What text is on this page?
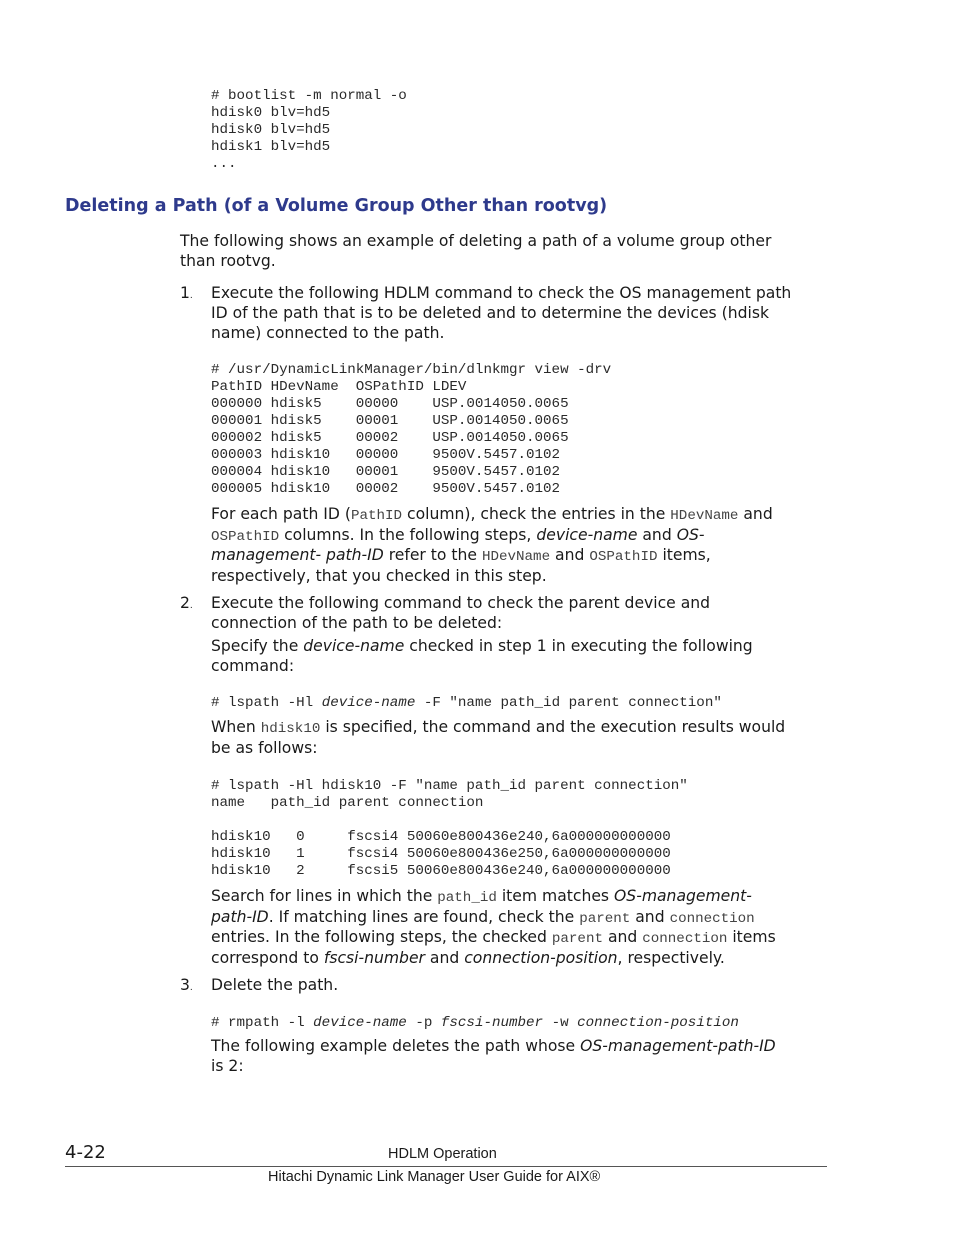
# bootlist -m normal -o
hdisk0 blv=hd5
hdisk0 blv=hd5
hdisk1 blv=hd5
...
Deleting a Path (of a Volume Group Other than rootvg)
The following shows an example of deleting a path of a volume group other
than rootvg.
1. Execute the following HDLM command to check the OS management path
ID of the path that is to be deleted and to determine the devices (hdisk
name) connected to the path.
# /usr/DynamicLinkManager/bin/dlnkmgr view -drv
PathID HDevName  OSPathID LDEV
000000 hdisk5    00000    USP.0014050.0065
000001 hdisk5    00001    USP.0014050.0065
000002 hdisk5    00002    USP.0014050.0065
000003 hdisk10   00000    9500V.5457.0102
000004 hdisk10   00001    9500V.5457.0102
000005 hdisk10   00002    9500V.5457.0102
For each path ID (PathID column), check the entries in the HDevName and
OSPathID columns. In the following steps, device-name and OS-
management- path-ID refer to the HDevName and OSPathID items,
respectively, that you checked in this step.
2. Execute the following command to check the parent device and
connection of the path to be deleted:
Specify the device-name checked in step 1 in executing the following
command:
# lspath -Hl device-name -F "name path_id parent connection"
When hdisk10 is specified, the command and the execution results would
be as follows:
# lspath -Hl hdisk10 -F "name path_id parent connection"
name   path_id parent connection
hdisk10   0     fscsi4 50060e800436e240,6a000000000000
hdisk10   1     fscsi4 50060e800436e250,6a000000000000
hdisk10   2     fscsi5 50060e800436e240,6a000000000000
Search for lines in which the path_id item matches OS-management-
path-ID. If matching lines are found, check the parent and connection
entries. In the following steps, the checked parent and connection items
correspond to fscsi-number and connection-position, respectively.
3. Delete the path.
# rmpath -l device-name -p fscsi-number -w connection-position
The following example deletes the path whose OS-management-path-ID
is 2:
4-22	HDLM Operation
Hitachi Dynamic Link Manager User Guide for AIX®
